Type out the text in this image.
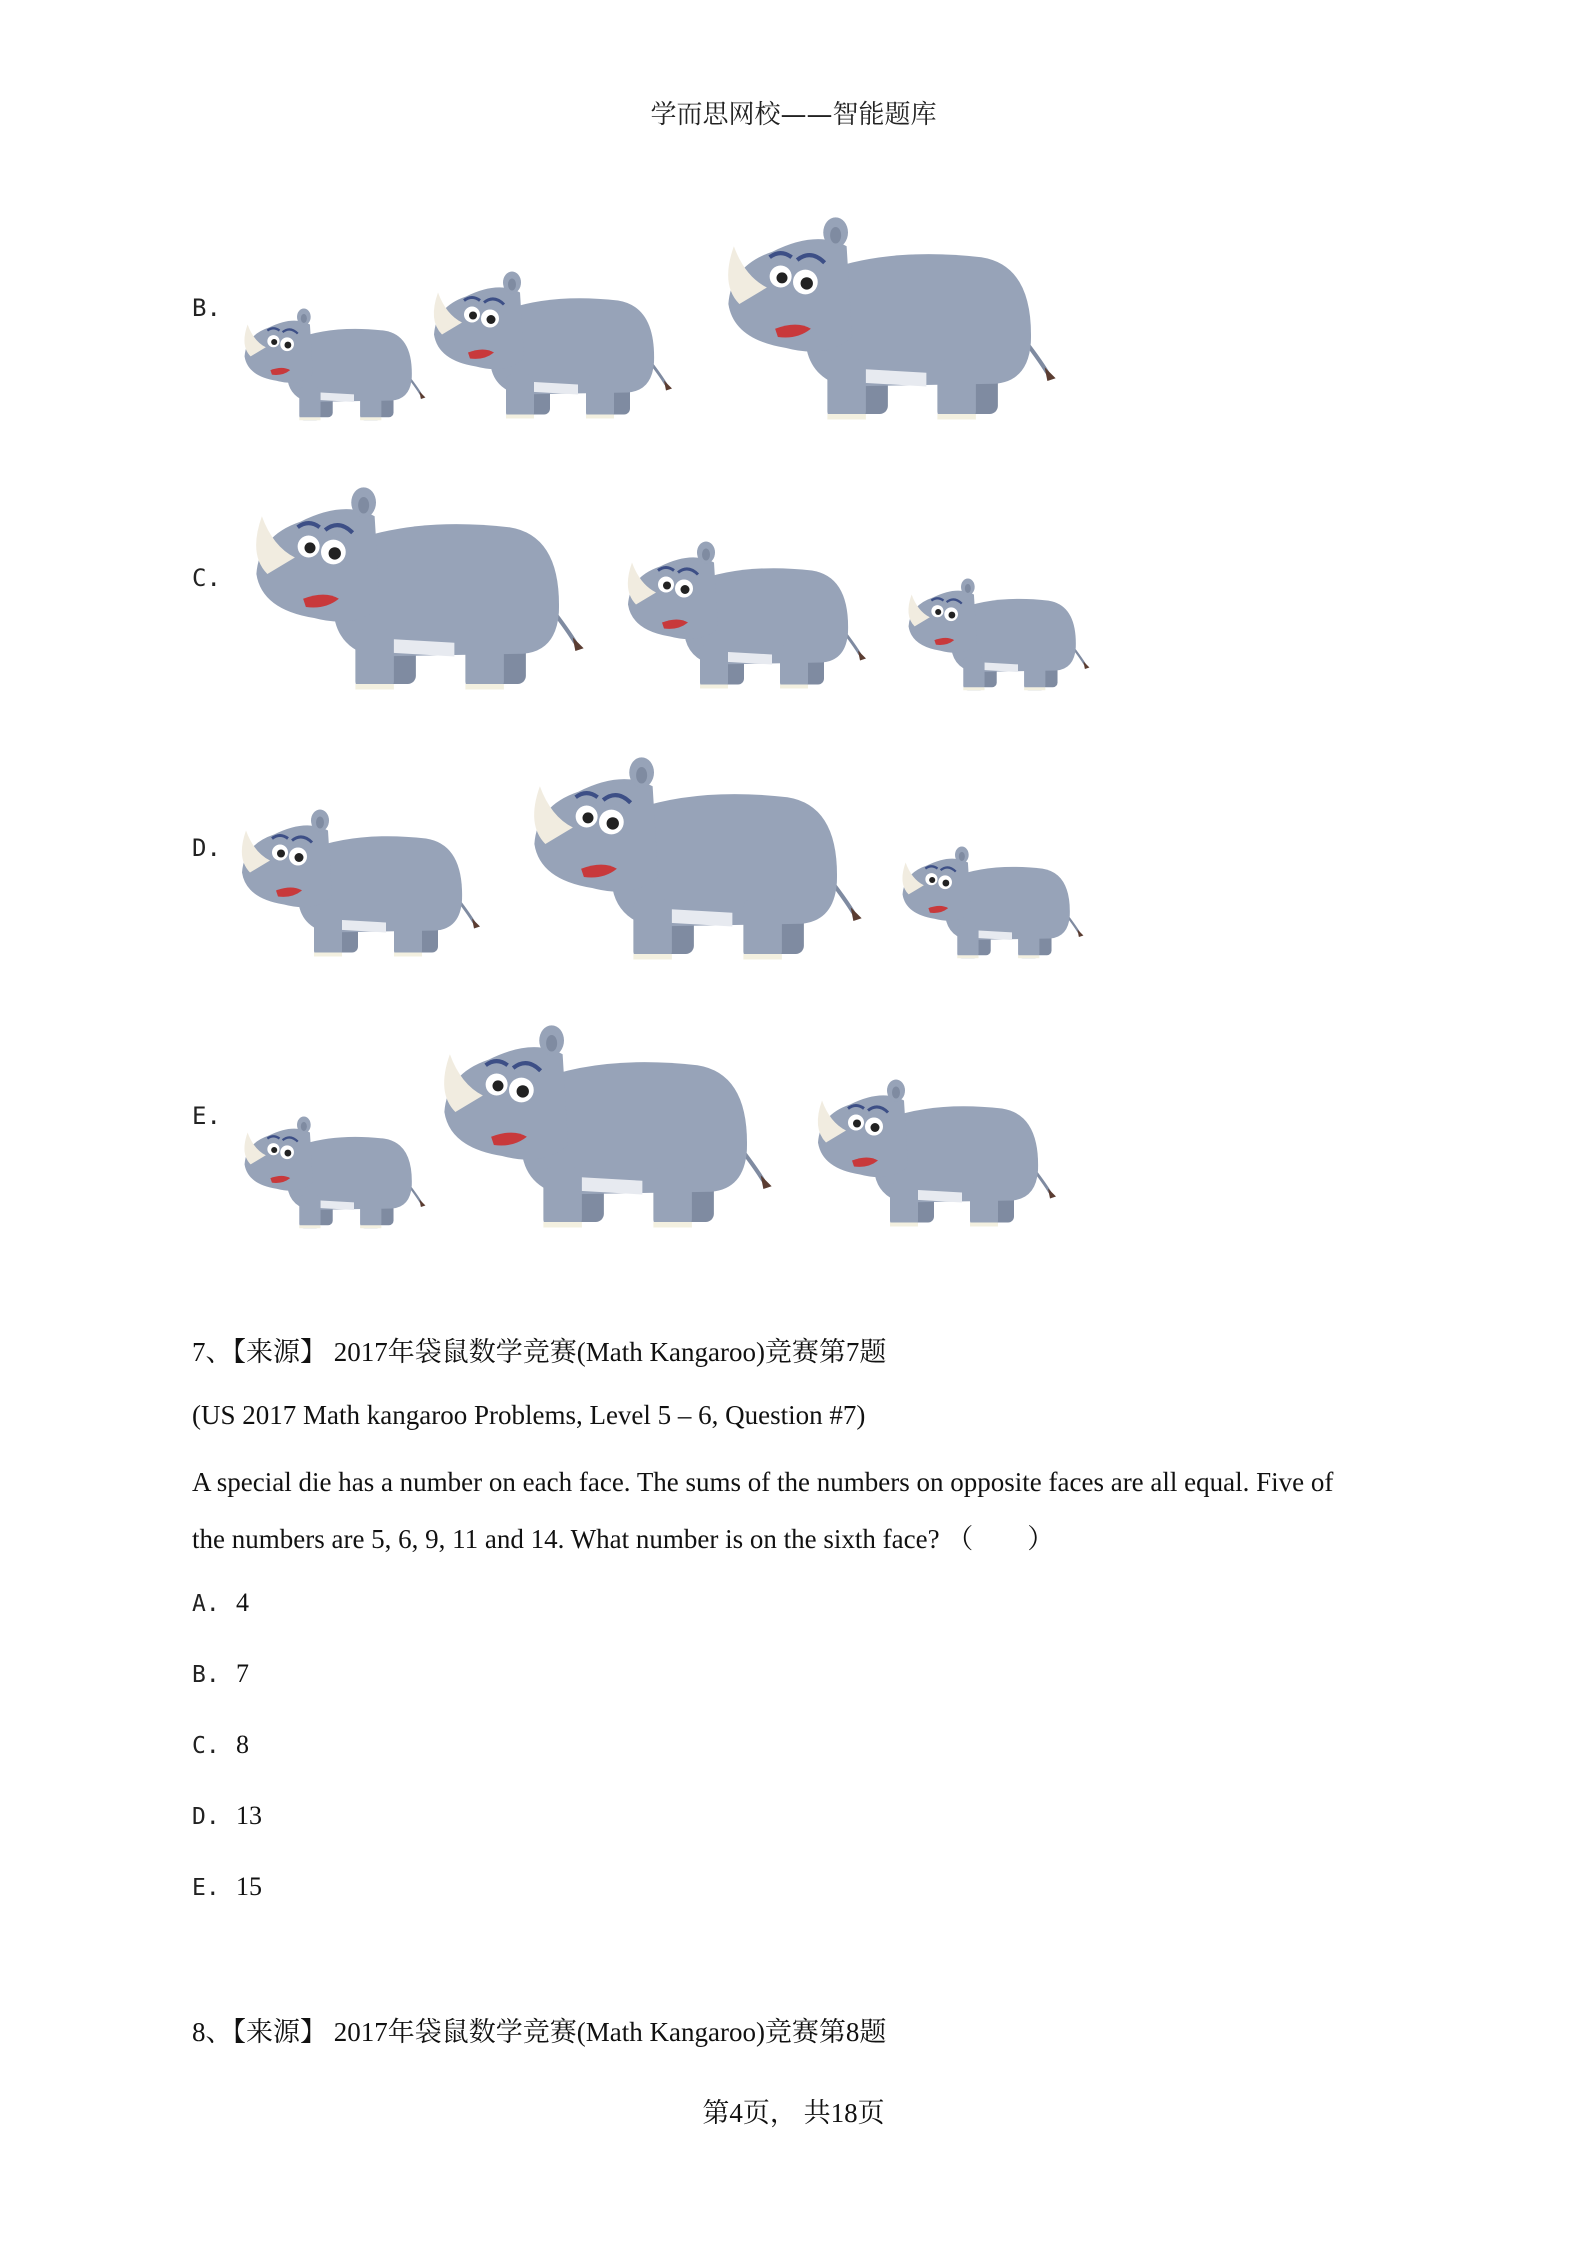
学而思网校——智能题库
B.
C.
D.
E.
7、【来源】 2017年袋鼠数学竞赛(Math Kangaroo)竞赛第7题
(US 2017 Math kangaroo Problems, Level 5 – 6, Question #7)
A special die has a number on each face. The sums of the numbers on opposite faces are all equal. Five of
the numbers are 5, 6, 9, 11 and 14. What number is on the sixth face? （　　）
A. 4
B. 7
C. 8
D. 13
E. 15
8、【来源】 2017年袋鼠数学竞赛(Math Kangaroo)竞赛第8题
第4页， 共18页
